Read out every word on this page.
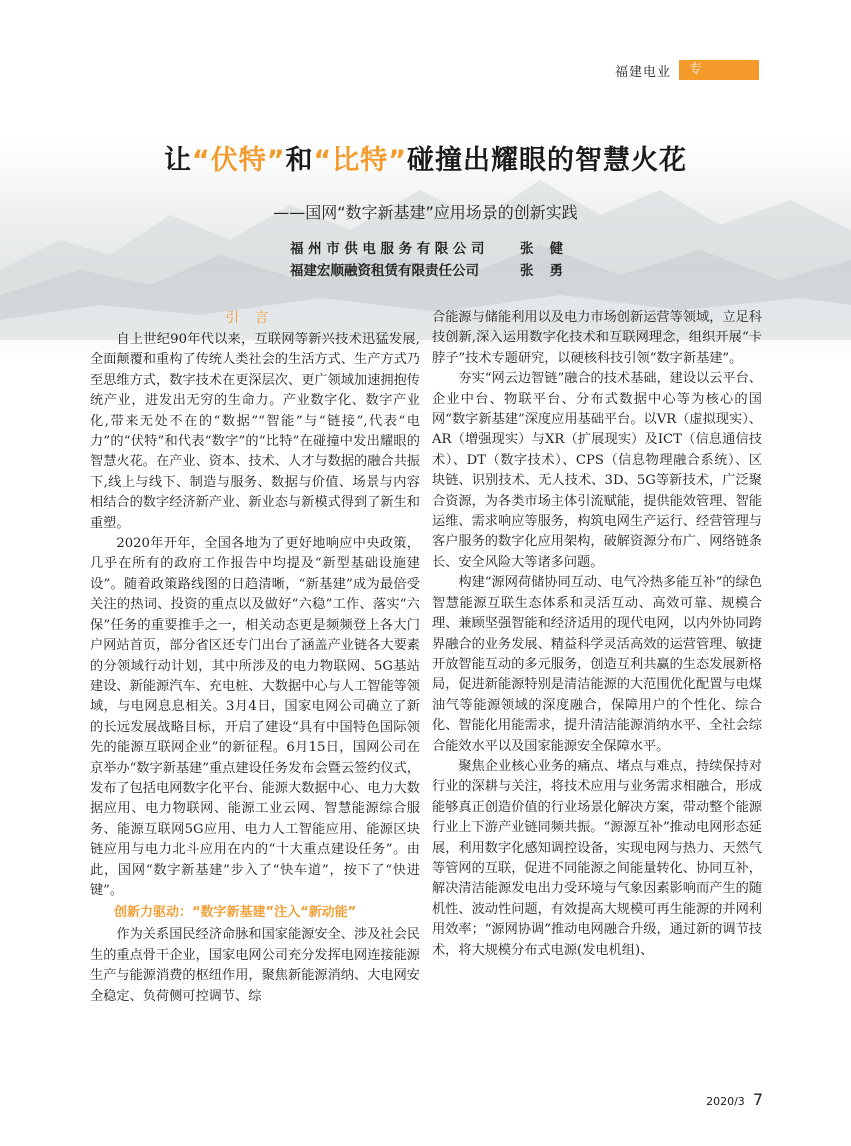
福建电业	专稿
让“伏特”和“比特”碰撞出耀眼的智慧火花
——国网“数字新基建”应用场景的创新实践
福州市供电服务有限公司	张健
福建宏顺融资租赁有限责任公司	张勇
引言

自上世纪90年代以来，互联网等新兴技术迅猛发展,全面颠覆和重构了传统人类社会的生活方式、生产方式乃至思维方式，数字技术在更深层次、更广领域加速拥抱传统产业，进发出无穷的生命力。产业数字化、数字产业化,带来无处不在的“数据”“智能”与“链接”,代表“电力”的“伏特”和代表“数字”的“比特”在碰撞中发出耀眼的智慧火花。在产业、资本、技术、人才与数据的融合共振下,线上与线下、制造与服务、数据与价值、场景与内容相结合的数字经济新产业、新业态与新模式得到了新生和重塑。

2020年开年，全国各地为了更好地响应中央政策，几乎在所有的政府工作报告中均提及“新型基础设施建设”。随着政策路线图的日趋清晰，“新基建”成为最倍受关注的热词、投资的重点以及做好“六稳”工作、落实“六保”任务的重要推手之一，相关动态更是频频登上各大门户网站首页，部分省区还专门出台了涵盖产业链各大要素的分领域行动计划，其中所涉及的电力物联网、5G基站建设、新能源汽车、充电桩、大数据中心与人工智能等领域，与电网息息相关。3月4日，国家电网公司确立了新的长远发展战略目标，开启了建设“具有中国特色国际领先的能源互联网企业”的新征程。6月15日，国网公司在京举办“数字新基建”重点建设任务发布会暨云签约仪式，发布了包括电网数字化平台、能源大数据中心、电力大数据应用、电力物联网、能源工业云网、智慧能源综合服务、能源互联网5G应用、电力人工智能应用、能源区块链应用与电力北斗应用在内的“十大重点建设任务”。由此，国网“数字新基建”步入了“快车道”，按下了“快进键”。

创新力驱动：“数字新基建”注入“新动能”

作为关系国民经济命脉和国家能源安全、涉及社会民生的重点骨干企业，国家电网公司充分发挥电网连接能源生产与能源消费的枢纽作用，聚焦新能源消纳、大电网安全稳定、负荷侧可控调节、综

合能源与储能利用以及电力市场创新运营等领域，立足科技创新,深入运用数字化技术和互联网理念，组织开展“卡脖子”技术专题研究，以硬核科技引领“数字新基建”。

夯实“网云边智链”融合的技术基础，建设以云平台、企业中台、物联平台、分布式数据中心等为核心的国网“数字新基建”深度应用基础平台。以VR（虚拟现实）、AR（增强现实）与XR（扩展现实）及ICT（信息通信技术）、DT（数字技术）、CPS（信息物理融合系统）、区块链、识别技术、无人技术、3D、5G等新技术，广泛聚合资源，为各类市场主体引流赋能，提供能效管理、智能运维、需求响应等服务，构筑电网生产运行、经营管理与客户服务的数字化应用架构，破解资源分布广、网络链条长、安全风险大等诸多问题。

构建“源网荷储协同互动、电气冷热多能互补”的绿色智慧能源互联生态体系和灵活互动、高效可靠、规模合理、兼顾坚强智能和经济适用的现代电网，以内外协同跨界融合的业务发展、精益科学灵活高效的运营管理、敏捷开放智能互动的多元服务，创造互利共赢的生态发展新格局，促进新能源特别是清洁能源的大范围优化配置与电煤油气等能源领域的深度融合，保障用户的个性化、综合化、智能化用能需求，提升清洁能源消纳水平、全社会综合能效水平以及国家能源安全保障水平。

聚焦企业核心业务的痛点、堵点与难点，持续保持对行业的深耕与关注，将技术应用与业务需求相融合，形成能够真正创造价值的行业场景化解决方案，带动整个能源行业上下游产业链同频共振。“源源互补”推动电网形态延展，利用数字化感知调控设备，实现电网与热力、天然气等管网的互联，促进不同能源之间能量转化、协同互补，解决清洁能源发电出力受环境与气象因素影响而产生的随机性、波动性问题，有效提高大规模可再生能源的并网利用效率；“源网协调”推动电网融合升级，通过新的调节技术，将大规模分布式电源(发电机组)、

2020/3 7
